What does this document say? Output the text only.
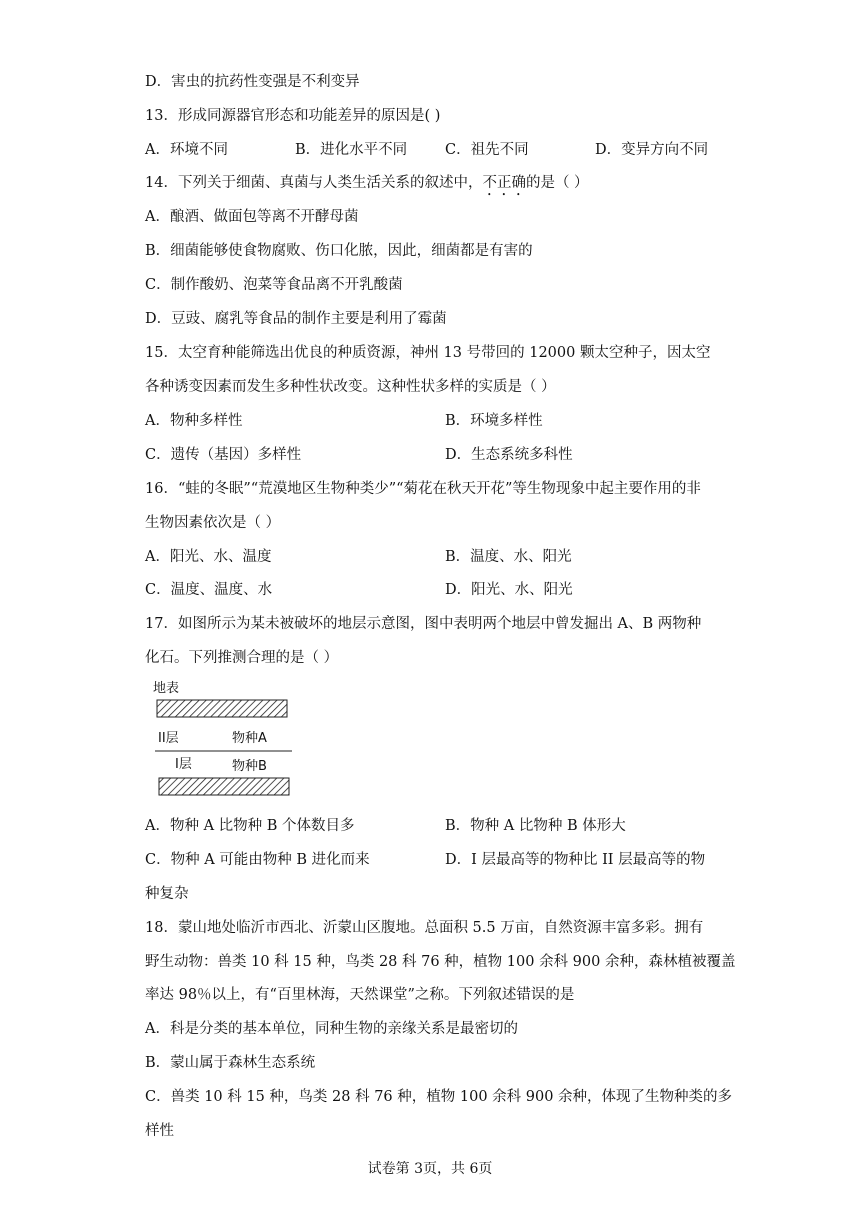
D．害虫的抗药性变强是不利变异
13．形成同源器官形态和功能差异的原因是( )
A．环境不同	B．进化水平不同	C．祖先不同	D．变异方向不同
14．下列关于细菌、真菌与人类生活关系的叙述中，不正确的是（ ）
A．酿酒、做面包等离不开酵母菌
B．细菌能够使食物腐败、伤口化脓，因此，细菌都是有害的
C．制作酸奶、泡菜等食品离不开乳酸菌
D．豆豉、腐乳等食品的制作主要是利用了霉菌
15．太空育种能筛选出优良的种质资源，神州 13 号带回的 12000 颗太空种子，因太空
各种诱变因素而发生多种性状改变。这种性状多样的实质是（ ）
A．物种多样性	B．环境多样性
C．遗传（基因）多样性	D．生态系统多科性
16．“蛙的冬眠”“荒漠地区生物种类少”“菊花在秋天开花”等生物现象中起主要作用的非
生物因素依次是（ ）
A．阳光、水、温度	B．温度、水、阳光
C．温度、温度、水	D．阳光、水、阳光
17．如图所示为某未被破坏的地层示意图，图中表明两个地层中曾发掘出 A、B 两物种
化石。下列推测合理的是（ ）
地表
II层	物种A
I层	物种B
A．物种 A 比物种 B 个体数目多	B．物种 A 比物种 B 体形大
C．物种 A 可能由物种 B 进化而来	D．I 层最高等的物种比 II 层最高等的物
种复杂
18．蒙山地处临沂市西北、沂蒙山区腹地。总面积 5.5 万亩，自然资源丰富多彩。拥有
野生动物：兽类 10 科 15 种，鸟类 28 科 76 种，植物 100 余科 900 余种，森林植被覆盖
率达 98％以上，有“百里林海，天然课堂”之称。下列叙述错误的是
A．科是分类的基本单位，同种生物的亲缘关系是最密切的
B．蒙山属于森林生态系统
C．兽类 10 科 15 种，鸟类 28 科 76 种，植物 100 余科 900 余种，体现了生物种类的多
样性
试卷第 3页，共 6页
